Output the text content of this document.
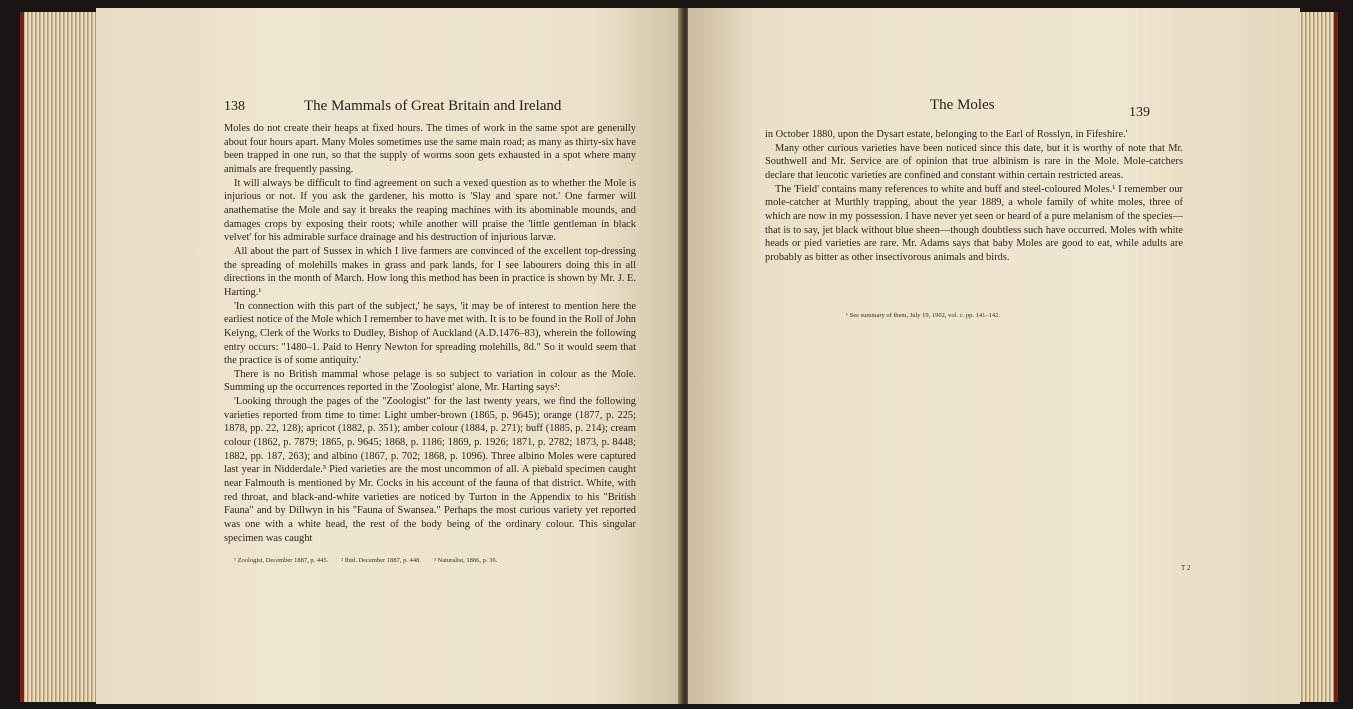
138	The Mammals of Great Britain and Ireland

Moles do not create their heaps at fixed hours. The times of work in the same spot are generally about four hours apart. Many Moles sometimes use the same main road; as many as thirty-six have been trapped in one run, so that the supply of worms soon gets exhausted in a spot where many animals are frequently passing.

It will always be difficult to find agreement on such a vexed question as to whether the Mole is injurious or not. If you ask the gardener, his motto is 'Slay and spare not.' One farmer will anathematise the Mole and say it breaks the reaping machines with its abominable mounds, and damages crops by exposing their roots; while another will praise the 'little gentleman in black velvet' for his admirable surface drainage and his destruction of injurious larvæ.

All about the part of Sussex in which I live farmers are convinced of the excellent top-dressing the spreading of molehills makes in grass and park lands, for I see labourers doing this in all directions in the month of March. How long this method has been in practice is shown by Mr. J. E. Harting.¹

'In connection with this part of the subject,' he says, 'it may be of interest to mention here the earliest notice of the Mole which I remember to have met with. It is to be found in the Roll of John Kelyng, Clerk of the Works to Dudley, Bishop of Auckland (A.D.1476–83), wherein the following entry occurs: "1480–1. Paid to Henry Newton for spreading molehills, 8d." So it would seem that the practice is of some antiquity.'

There is no British mammal whose pelage is so subject to variation in colour as the Mole. Summing up the occurrences reported in the 'Zoologist' alone, Mr. Harting says²:

'Looking through the pages of the "Zoologist" for the last twenty years, we find the following varieties reported from time to time: Light umber-brown (1865, p. 9645); orange (1877, p. 225; 1878, pp. 22, 128); apricot (1882, p. 351); amber colour (1884, p. 271); buff (1885, p. 214); cream colour (1862, p. 7879; 1865, p. 9645; 1868, p. 1186; 1869, p. 1926; 1871, p. 2782; 1873, p. 8448; 1882, pp. 187, 263); and albino (1867, p. 702; 1868, p. 1096). Three albino Moles were captured last year in Nidderdale.³ Pied varieties are the most uncommon of all. A piebald specimen caught near Falmouth is mentioned by Mr. Cocks in his account of the fauna of that district. White, with red throat, and black-and-white varieties are noticed by Turton in the Appendix to his "British Fauna" and by Dillwyn in his "Fauna of Swansea." Perhaps the most curious variety yet reported was one with a white head, the rest of the body being of the ordinary colour. This singular specimen was caught

¹ Zoologist, December 1887, p. 445.        ² Ibid. December 1887, p. 448.        ³ Naturalist, 1886, p. 36.
The Moles	139

in October 1880, upon the Dysart estate, belonging to the Earl of Rosslyn, in Fifeshire.'

Many other curious varieties have been noticed since this date, but it is worthy of note that Mr. Southwell and Mr. Service are of opinion that true albinism is rare in the Mole. Mole-catchers declare that leucotic varieties are confined and constant within certain restricted areas.

The 'Field' contains many references to white and buff and steel-coloured Moles.¹ I remember our mole-catcher at Murthly trapping, about the year 1889, a whole family of white moles, three of which are now in my possession. I have never yet seen or heard of a pure melanism of the species—that is to say, jet black without blue sheen—though doubtless such have occurred. Moles with white heads or pied varieties are rare. Mr. Adams says that baby Moles are good to eat, while adults are probably as bitter as other insectivorous animals and birds.

¹ See summary of them, July 19, 1902, vol. c. pp. 141–142.
T 2
